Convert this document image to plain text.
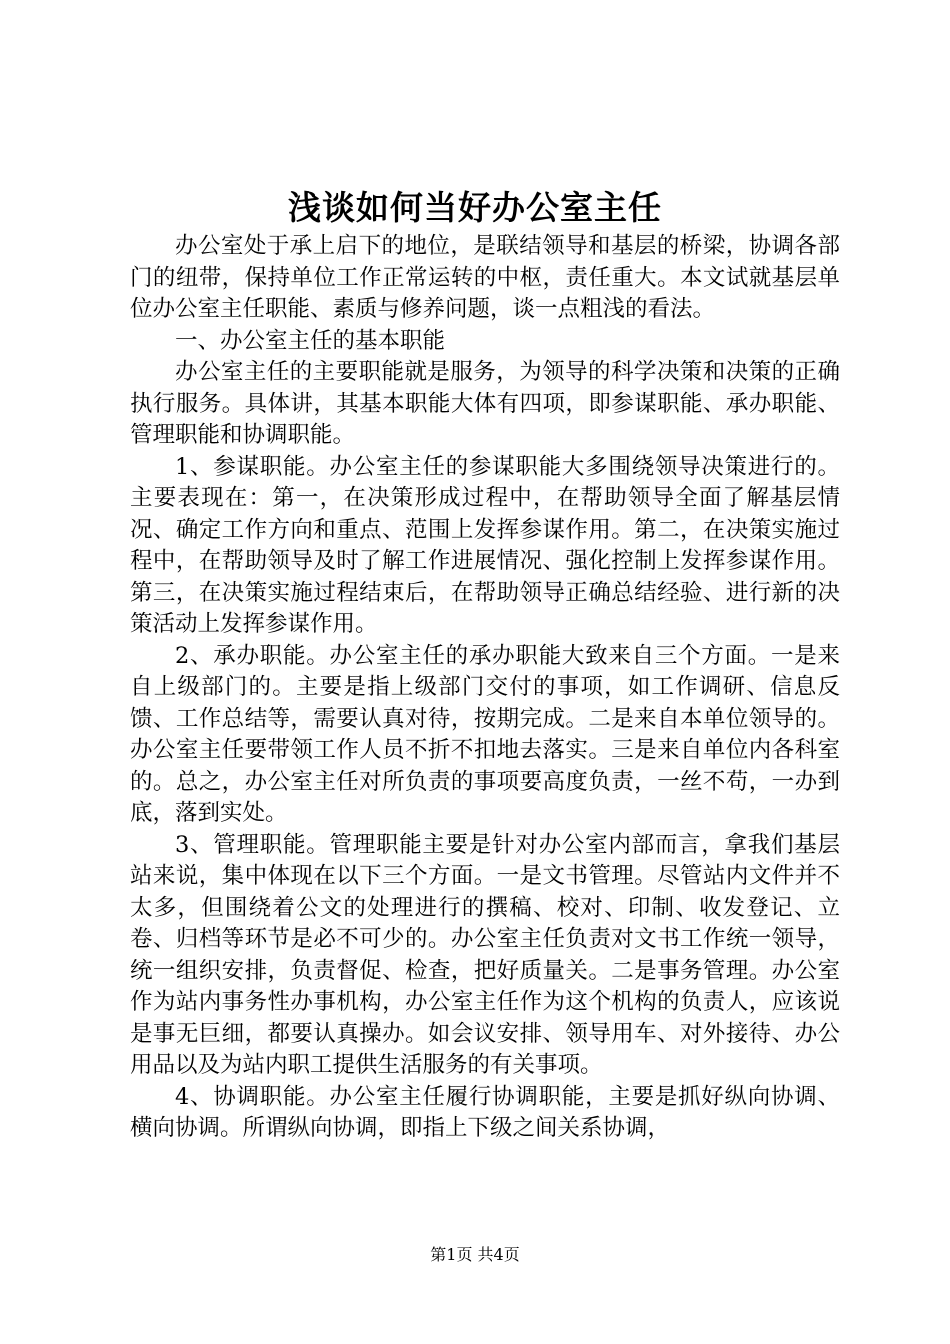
浅谈如何当好办公室主任

办公室处于承上启下的地位，是联结领导和基层的桥梁，协调各部门的纽带，保持单位工作正常运转的中枢，责任重大。本文试就基层单位办公室主任职能、素质与修养问题，谈一点粗浅的看法。

一、办公室主任的基本职能

办公室主任的主要职能就是服务，为领导的科学决策和决策的正确执行服务。具体讲，其基本职能大体有四项，即参谋职能、承办职能、管理职能和协调职能。

1、参谋职能。办公室主任的参谋职能大多围绕领导决策进行的。主要表现在：第一，在决策形成过程中，在帮助领导全面了解基层情况、确定工作方向和重点、范围上发挥参谋作用。第二，在决策实施过程中，在帮助领导及时了解工作进展情况、强化控制上发挥参谋作用。第三，在决策实施过程结束后，在帮助领导正确总结经验、进行新的决策活动上发挥参谋作用。

2、承办职能。办公室主任的承办职能大致来自三个方面。一是来自上级部门的。主要是指上级部门交付的事项，如工作调研、信息反馈、工作总结等，需要认真对待，按期完成。二是来自本单位领导的。办公室主任要带领工作人员不折不扣地去落实。三是来自单位内各科室的。总之，办公室主任对所负责的事项要高度负责，一丝不苟，一办到底，落到实处。

3、管理职能。管理职能主要是针对办公室内部而言，拿我们基层站来说，集中体现在以下三个方面。一是文书管理。尽管站内文件并不太多，但围绕着公文的处理进行的撰稿、校对、印制、收发登记、立卷、归档等环节是必不可少的。办公室主任负责对文书工作统一领导，统一组织安排，负责督促、检查，把好质量关。二是事务管理。办公室作为站内事务性办事机构，办公室主任作为这个机构的负责人，应该说是事无巨细，都要认真操办。如会议安排、领导用车、对外接待、办公用品以及为站内职工提供生活服务的有关事项。

4、协调职能。办公室主任履行协调职能，主要是抓好纵向协调、横向协调。所谓纵向协调，即指上下级之间关系协调，

第1页 共4页
